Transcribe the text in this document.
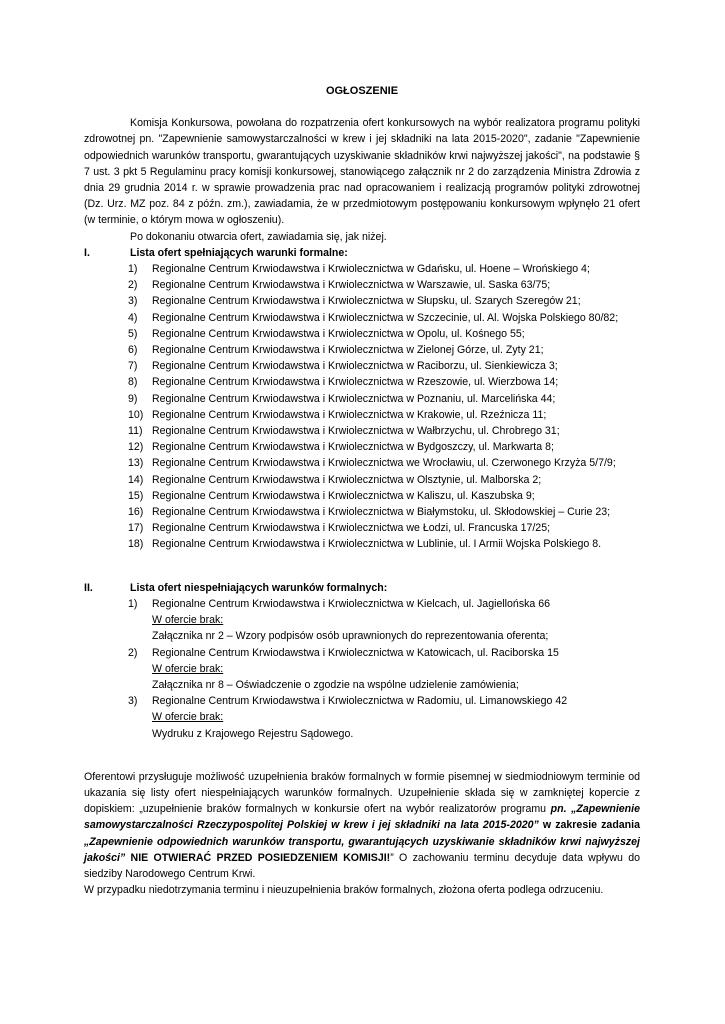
OGŁOSZENIE

Komisja Konkursowa, powołana do rozpatrzenia ofert konkursowych na wybór realizatora programu polityki zdrowotnej pn. "Zapewnienie samowystarczalności w krew i jej składniki na lata 2015-2020", zadanie "Zapewnienie odpowiednich warunków transportu, gwarantujących uzyskiwanie składników krwi najwyższej jakości", na podstawie § 7 ust. 3 pkt 5 Regulaminu pracy komisji konkursowej, stanowiącego załącznik nr 2 do zarządzenia Ministra Zdrowia z dnia 29 grudnia 2014 r. w sprawie prowadzenia prac nad opracowaniem i realizacją programów polityki zdrowotnej (Dz. Urz. MZ poz. 84 z późn. zm.), zawiadamia, że w przedmiotowym postępowaniu konkursowym wpłynęło 21 ofert (w terminie, o którym mowa w ogłoszeniu).

Po dokonaniu otwarcia ofert, zawiadamia się, jak niżej.

I.	Lista ofert spełniających warunki formalne:
1)	Regionalne Centrum Krwiodawstwa i Krwiolecznictwa w Gdańsku, ul. Hoene – Wrońskiego 4;
2)	Regionalne Centrum Krwiodawstwa i Krwiolecznictwa w Warszawie, ul. Saska 63/75;
3)	Regionalne Centrum Krwiodawstwa i Krwiolecznictwa w Słupsku, ul. Szarych Szeregów 21;
4)	Regionalne Centrum Krwiodawstwa i Krwiolecznictwa w Szczecinie, ul. Al. Wojska Polskiego 80/82;
5)	Regionalne Centrum Krwiodawstwa i Krwiolecznictwa w Opolu, ul. Kośnego 55;
6)	Regionalne Centrum Krwiodawstwa i Krwiolecznictwa w Zielonej Górze, ul. Zyty 21;
7)	Regionalne Centrum Krwiodawstwa i Krwiolecznictwa w Raciborzu, ul. Sienkiewicza 3;
8)	Regionalne Centrum Krwiodawstwa i Krwiolecznictwa w Rzeszowie, ul. Wierzbowa 14;
9)	Regionalne Centrum Krwiodawstwa i Krwiolecznictwa w Poznaniu, ul. Marcelińska 44;
10) Regionalne Centrum Krwiodawstwa i Krwiolecznictwa w Krakowie, ul. Rzeźnicza 11;
11) Regionalne Centrum Krwiodawstwa i Krwiolecznictwa w Wałbrzychu, ul. Chrobrego 31;
12) Regionalne Centrum Krwiodawstwa i Krwiolecznictwa w Bydgoszczy, ul. Markwarta 8;
13) Regionalne Centrum Krwiodawstwa i Krwiolecznictwa we Wrocławiu, ul. Czerwonego Krzyża 5/7/9;
14) Regionalne Centrum Krwiodawstwa i Krwiolecznictwa w Olsztynie, ul. Malborska 2;
15) Regionalne Centrum Krwiodawstwa i Krwiolecznictwa w Kaliszu, ul. Kaszubska 9;
16) Regionalne Centrum Krwiodawstwa i Krwiolecznictwa w Białymstoku, ul. Skłodowskiej – Curie 23;
17) Regionalne Centrum Krwiodawstwa i Krwiolecznictwa we Łodzi, ul. Francuska 17/25;
18) Regionalne Centrum Krwiodawstwa i Krwiolecznictwa w Lublinie, ul. I Armii Wojska Polskiego 8.
II.	Lista ofert niespełniających warunków formalnych:
1)	Regionalne Centrum Krwiodawstwa i Krwiolecznictwa w Kielcach, ul. Jagiellońska 66
W ofercie brak:
Załącznika nr 2 – Wzory podpisów osób uprawnionych do reprezentowania oferenta;
2)	Regionalne Centrum Krwiodawstwa i Krwiolecznictwa w Katowicach, ul. Raciborska 15
W ofercie brak:
Załącznika nr 8 – Oświadczenie o zgodzie na wspólne udzielenie zamówienia;
3)	Regionalne Centrum Krwiodawstwa i Krwiolecznictwa w Radomiu, ul. Limanowskiego 42
W ofercie brak:
Wydruku z Krajowego Rejestru Sądowego.

Oferentowi przysługuje możliwość uzupełnienia braków formalnych w formie pisemnej w siedmiodniowym terminie od ukazania się listy ofert niespełniających warunków formalnych. Uzupełnienie składa się w zamkniętej kopercie z dopiskiem: „uzupełnienie braków formalnych w konkursie ofert na wybór realizatorów programu pn. „Zapewnienie samowystarczalności Rzeczypospolitej Polskiej w krew i jej składniki na lata 2015-2020” w zakresie zadania „Zapewnienie odpowiednich warunków transportu, gwarantujących uzyskiwanie składników krwi najwyższej jakości” NIE OTWIERAĆ PRZED POSIEDZENIEM KOMISJI!” O zachowaniu terminu decyduje data wpływu do siedziby Narodowego Centrum Krwi.

W przypadku niedotrzymania terminu i nieuzupełnienia braków formalnych, złożona oferta podlega odrzuceniu.
